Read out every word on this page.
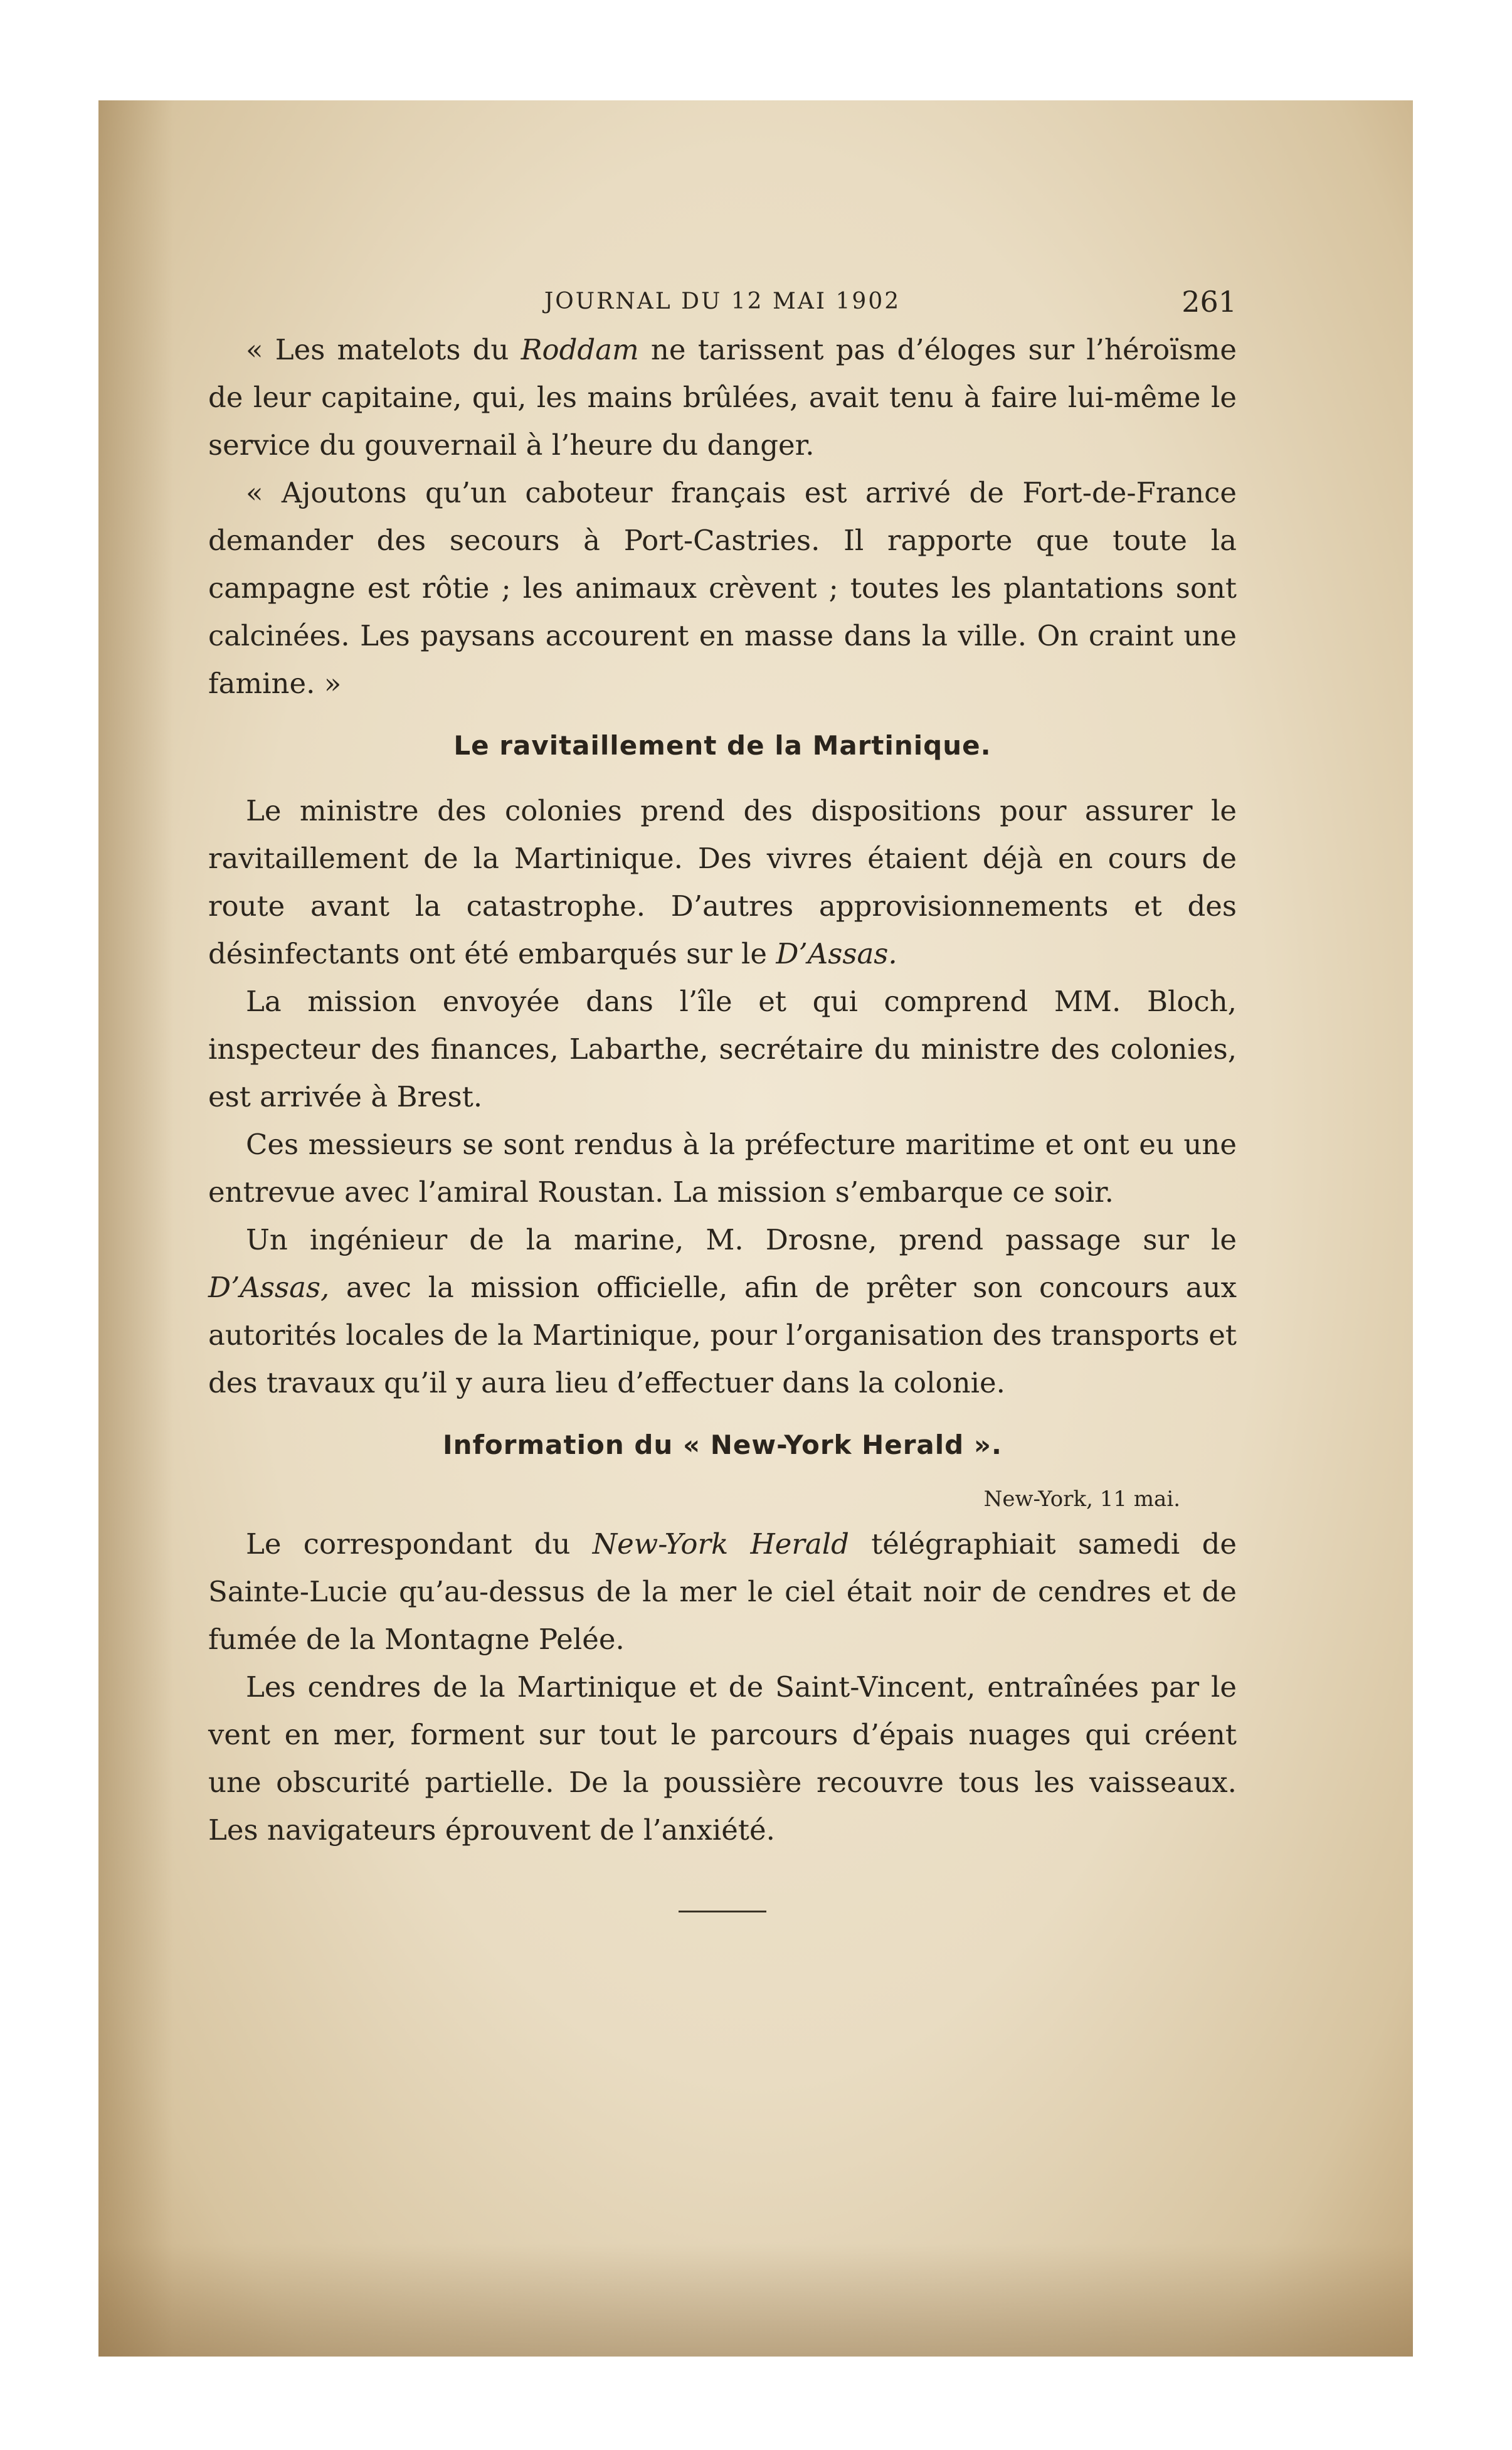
JOURNAL DU 12 MAI 1902	261

« Les matelots du Roddam ne tarissent pas d’éloges sur l’héroïsme de leur capitaine, qui, les mains brûlées, avait tenu à faire lui-même le service du gouvernail à l’heure du danger.

« Ajoutons qu’un caboteur français est arrivé de Fort-de-France demander des secours à Port-Castries. Il rapporte que toute la campagne est rôtie ; les animaux crèvent ; toutes les plantations sont calcinées. Les paysans accourent en masse dans la ville. On craint une famine. »

Le ravitaillement de la Martinique.

Le ministre des colonies prend des dispositions pour assurer le ravitaillement de la Martinique. Des vivres étaient déjà en cours de route avant la catastrophe. D’autres approvisionnements et des désinfectants ont été embarqués sur le D’Assas.

La mission envoyée dans l’île et qui comprend MM. Bloch, inspecteur des finances, Labarthe, secrétaire du ministre des colonies, est arrivée à Brest.

Ces messieurs se sont rendus à la préfecture maritime et ont eu une entrevue avec l’amiral Roustan. La mission s’embarque ce soir.

Un ingénieur de la marine, M. Drosne, prend passage sur le D’Assas, avec la mission officielle, afin de prêter son concours aux autorités locales de la Martinique, pour l’organisation des transports et des travaux qu’il y aura lieu d’effectuer dans la colonie.

Information du « New-York Herald ».
New-York, 11 mai.

Le correspondant du New-York Herald télégraphiait samedi de Sainte-Lucie qu’au-dessus de la mer le ciel était noir de cendres et de fumée de la Montagne Pelée.

Les cendres de la Martinique et de Saint-Vincent, entraînées par le vent en mer, forment sur tout le parcours d’épais nuages qui créent une obscurité partielle. De la poussière recouvre tous les vaisseaux. Les navigateurs éprouvent de l’anxiété.
